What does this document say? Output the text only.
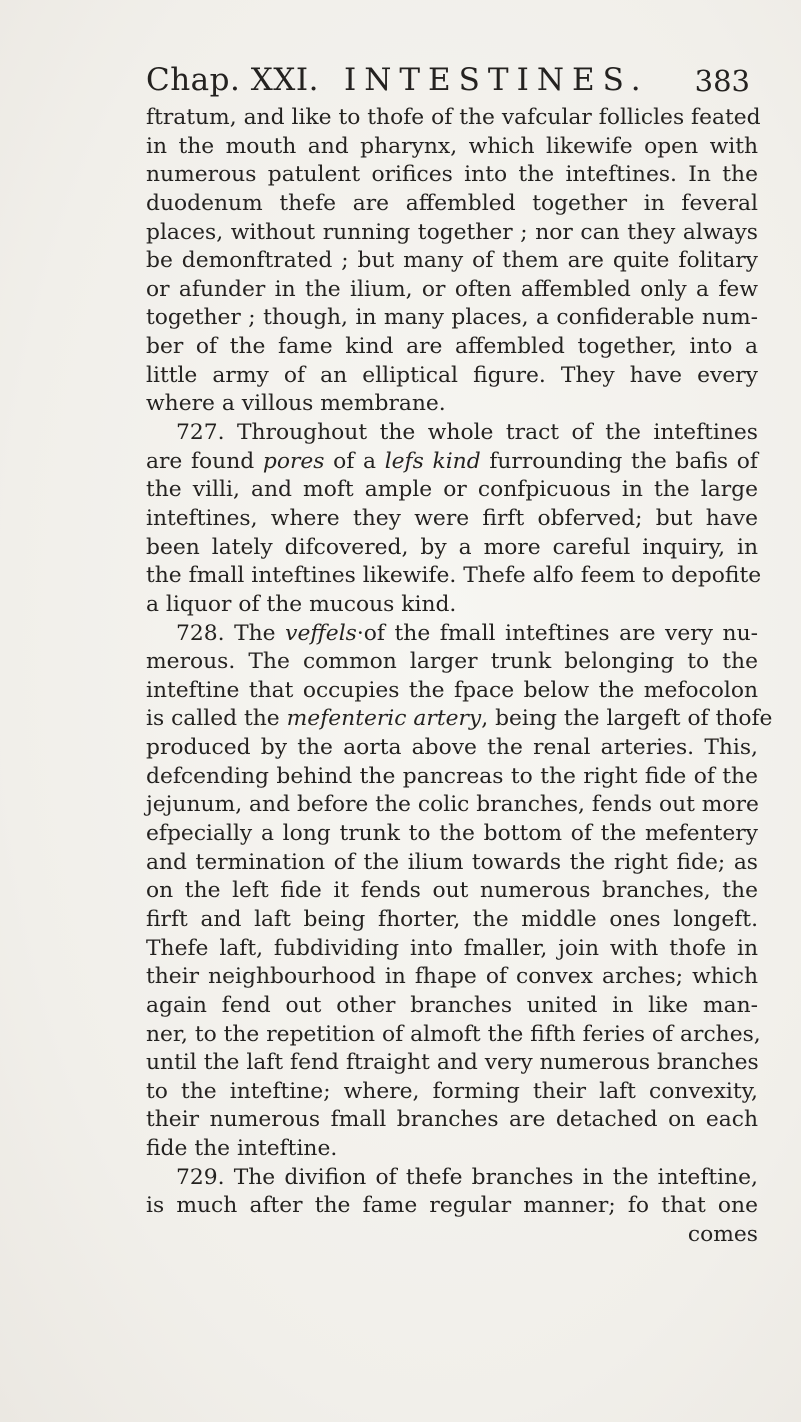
Chap. XXI. INTESTINES. 383
ftratum, and like to thofe of the vafcular follicles feated
in the mouth and pharynx, which likewife open with
numerous patulent orifices into the inteftines. In the
duodenum thefe are affembled together in feveral
places, without running together ; nor can they always
be demonftrated ; but many of them are quite folitary
or afunder in the ilium, or often affembled only a few
together ; though, in many places, a confiderable num-
ber of the fame kind are affembled together, into a
little army of an elliptical figure. They have every
where a villous membrane.
727. Throughout the whole tract of the inteftines
are found pores of a lefs kind furrounding the bafis of
the villi, and moft ample or confpicuous in the large
inteftines, where they were firft obferved; but have
been lately difcovered, by a more careful inquiry, in
the fmall inteftines likewife. Thefe alfo feem to depofite
a liquor of the mucous kind.
728. The veffels·of the fmall inteftines are very nu-
merous. The common larger trunk belonging to the
inteftine that occupies the fpace below the mefocolon
is called the mefenteric artery, being the largeft of thofe
produced by the aorta above the renal arteries. This,
defcending behind the pancreas to the right fide of the
jejunum, and before the colic branches, fends out more
efpecially a long trunk to the bottom of the mefentery
and termination of the ilium towards the right fide; as
on the left fide it fends out numerous branches, the
firft and laft being fhorter, the middle ones longeft.
Thefe laft, fubdividing into fmaller, join with thofe in
their neighbourhood in fhape of convex arches; which
again fend out other branches united in like man-
ner, to the repetition of almoft the fifth feries of arches,
until the laft fend ftraight and very numerous branches
to the inteftine; where, forming their laft convexity,
their numerous fmall branches are detached on each
fide the inteftine.
729. The divifion of thefe branches in the inteftine,
is much after the fame regular manner; fo that one
comes
